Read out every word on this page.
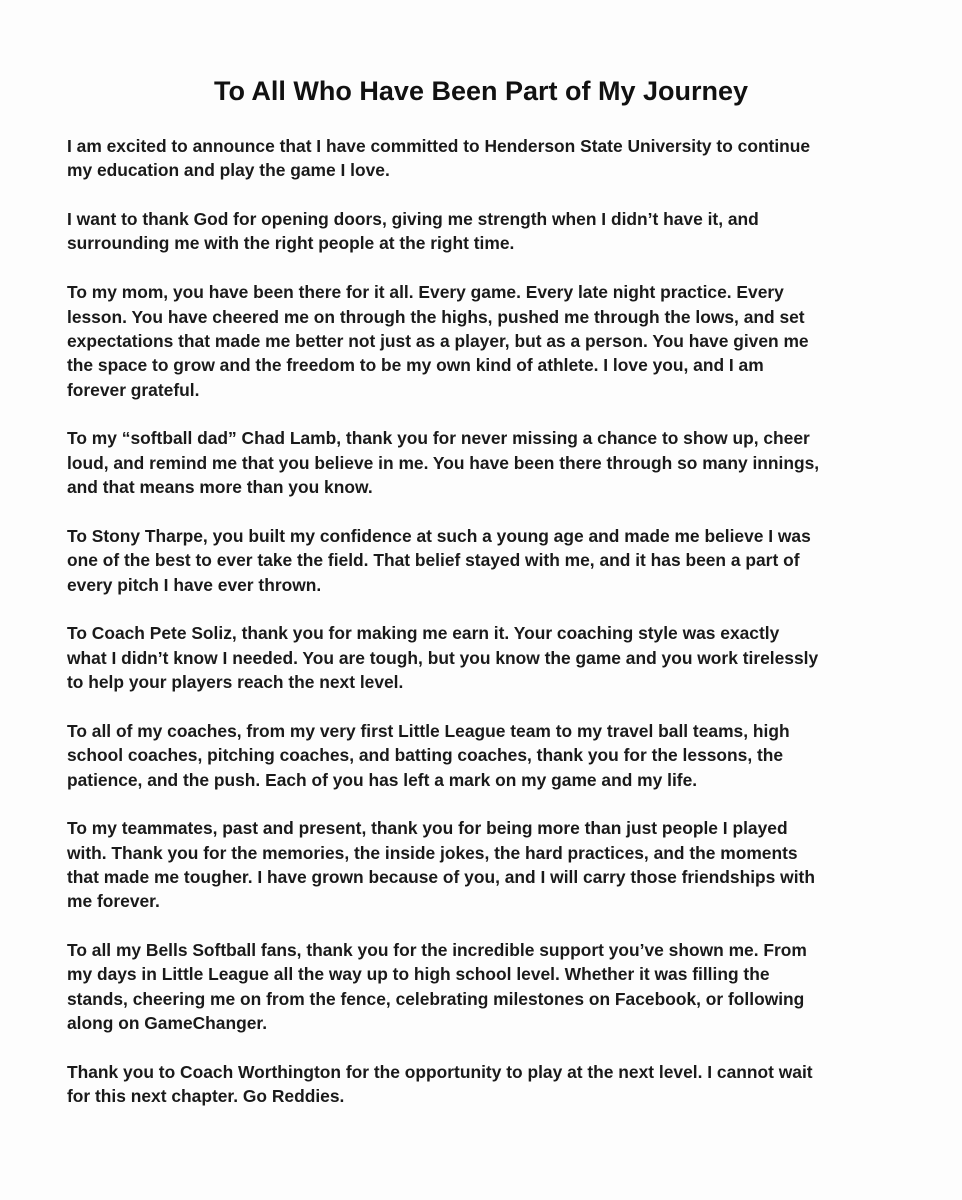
To All Who Have Been Part of My Journey

I am excited to announce that I have committed to Henderson State University to continue
my education and play the game I love.

I want to thank God for opening doors, giving me strength when I didn’t have it, and
surrounding me with the right people at the right time.

To my mom, you have been there for it all. Every game. Every late night practice. Every
lesson. You have cheered me on through the highs, pushed me through the lows, and set
expectations that made me better not just as a player, but as a person. You have given me
the space to grow and the freedom to be my own kind of athlete. I love you, and I am
forever grateful.

To my “softball dad” Chad Lamb, thank you for never missing a chance to show up, cheer
loud, and remind me that you believe in me. You have been there through so many innings,
and that means more than you know.

To Stony Tharpe, you built my confidence at such a young age and made me believe I was
one of the best to ever take the field. That belief stayed with me, and it has been a part of
every pitch I have ever thrown.

To Coach Pete Soliz, thank you for making me earn it. Your coaching style was exactly
what I didn’t know I needed. You are tough, but you know the game and you work tirelessly
to help your players reach the next level.

To all of my coaches, from my very first Little League team to my travel ball teams, high
school coaches, pitching coaches, and batting coaches, thank you for the lessons, the
patience, and the push. Each of you has left a mark on my game and my life.

To my teammates, past and present, thank you for being more than just people I played
with. Thank you for the memories, the inside jokes, the hard practices, and the moments
that made me tougher. I have grown because of you, and I will carry those friendships with
me forever.

To all my Bells Softball fans, thank you for the incredible support you’ve shown me. From
my days in Little League all the way up to high school level. Whether it was filling the
stands, cheering me on from the fence, celebrating milestones on Facebook, or following
along on GameChanger.

Thank you to Coach Worthington for the opportunity to play at the next level. I cannot wait
for this next chapter. Go Reddies.
